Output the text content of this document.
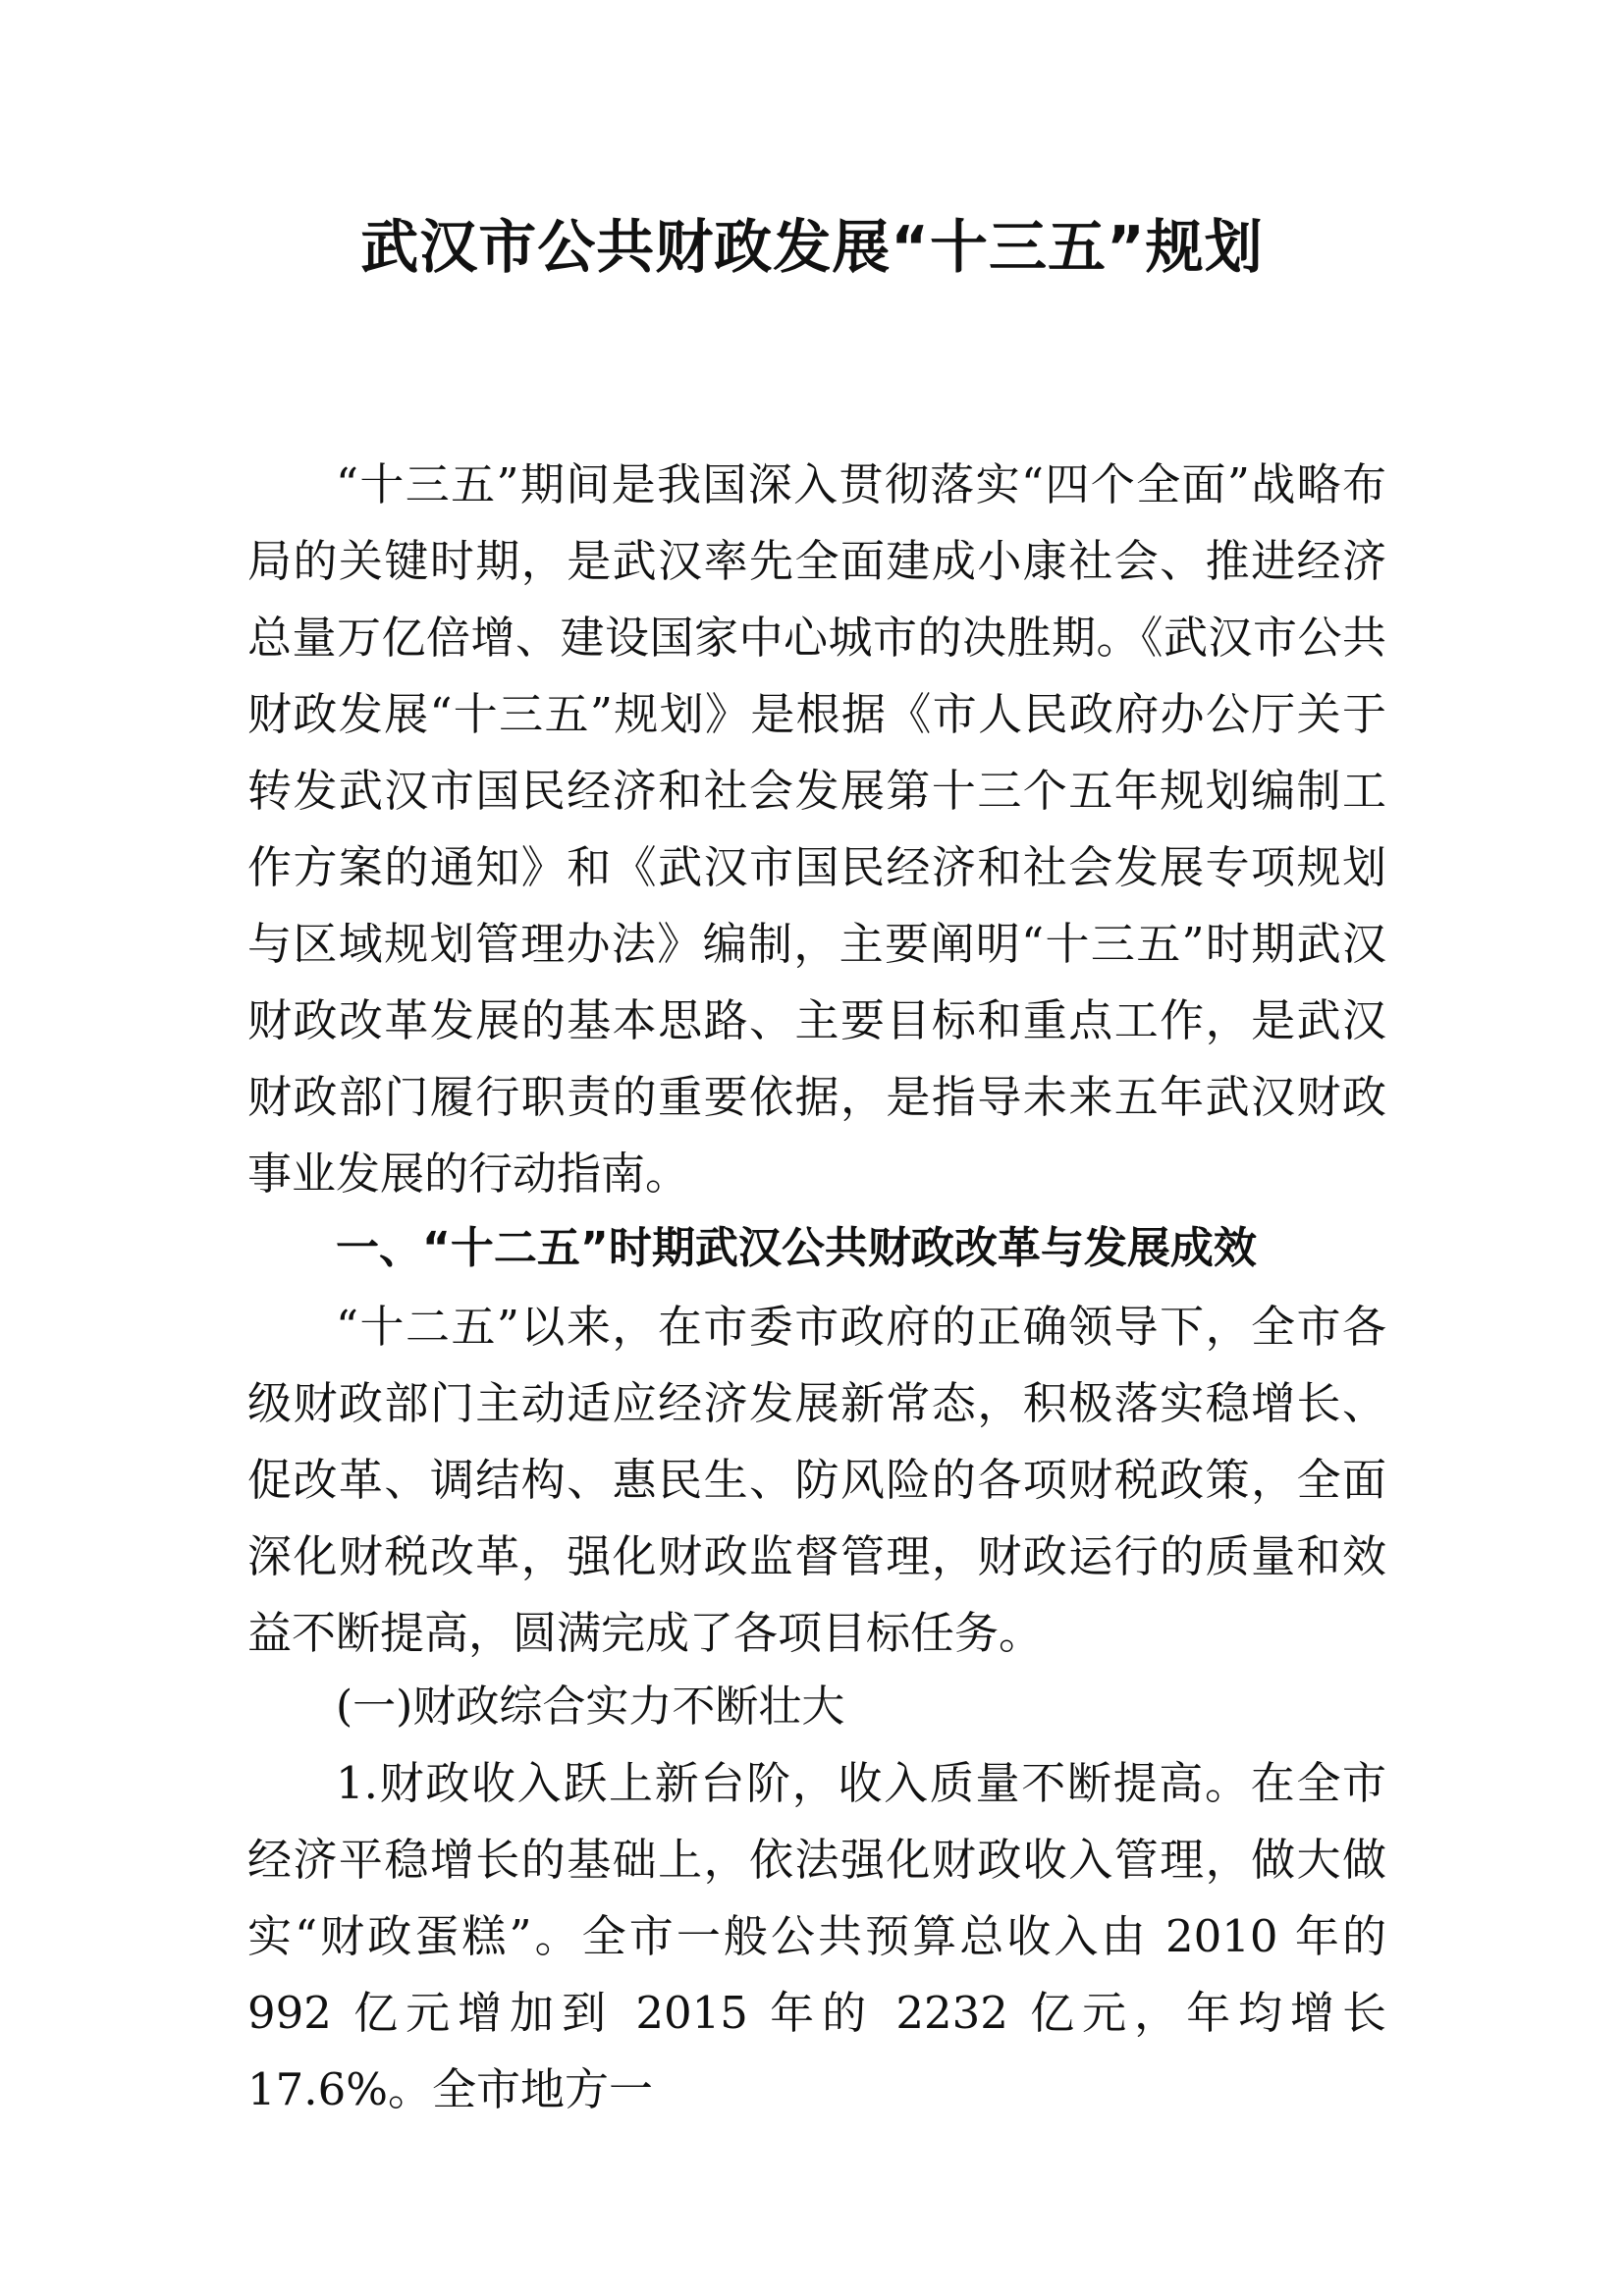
武汉市公共财政发展“十三五”规划

“十三五”期间是我国深入贯彻落实“四个全面”战略布局的关键时期，是武汉率先全面建成小康社会、推进经济总量万亿倍增、建设国家中心城市的决胜期。《武汉市公共财政发展“十三五”规划》是根据《市人民政府办公厅关于转发武汉市国民经济和社会发展第十三个五年规划编制工作方案的通知》和《武汉市国民经济和社会发展专项规划与区域规划管理办法》编制，主要阐明“十三五”时期武汉财政改革发展的基本思路、主要目标和重点工作，是武汉财政部门履行职责的重要依据，是指导未来五年武汉财政事业发展的行动指南。

一、“十二五”时期武汉公共财政改革与发展成效

“十二五”以来，在市委市政府的正确领导下，全市各级财政部门主动适应经济发展新常态，积极落实稳增长、促改革、调结构、惠民生、防风险的各项财税政策，全面深化财税改革，强化财政监督管理，财政运行的质量和效益不断提高，圆满完成了各项目标任务。

(一)财政综合实力不断壮大

1.财政收入跃上新台阶，收入质量不断提高。在全市经济平稳增长的基础上，依法强化财政收入管理，做大做实“财政蛋糕”。全市一般公共预算总收入由 2010 年的 992 亿元增加到 2015 年的 2232 亿元，年均增长 17.6%。全市地方一
